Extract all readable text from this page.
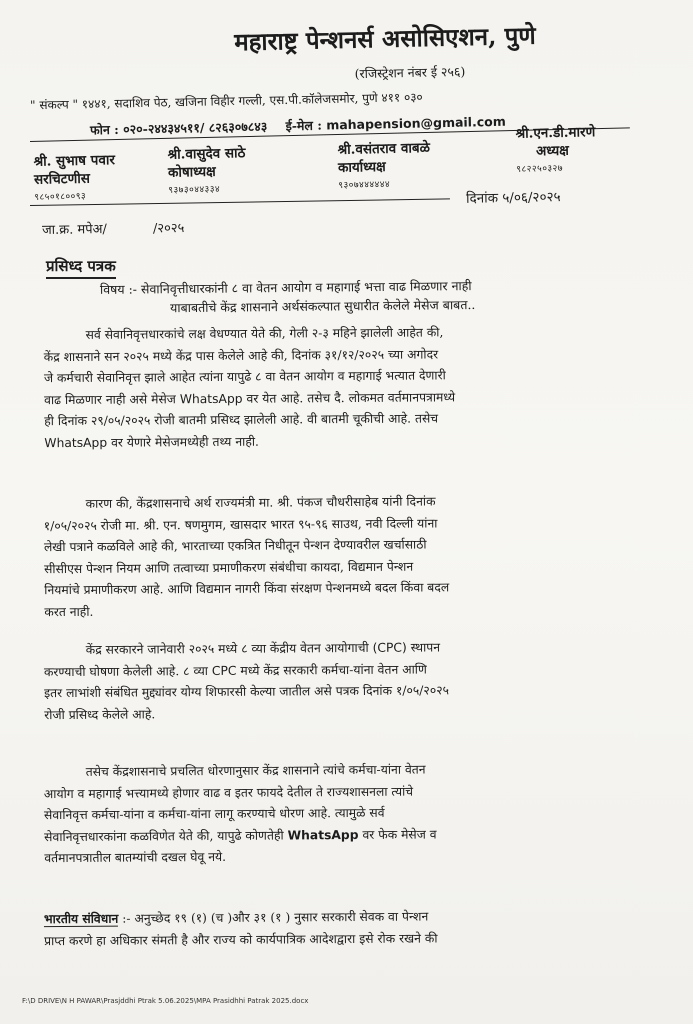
महाराष्ट्र पेन्शनर्स असोसिएशन, पुणे
(रजिस्ट्रेशन नंबर ई २५६)
" संकल्प " १४४१, सदाशिव पेठ, खजिना विहीर गल्ली, एस.पी.कॉलेजसमोर, पुणे ४११ ०३०
फोन : ०२०-२४४३४५११/ ८२६३०७८४३ ई-मेल : mahapension@gmail.com
श्री. सुभाष पवार
सरचिटणीस
९८५०१८००९३
श्री.वासुदेव साठे
कोषाध्यक्ष
९३७३०४४३३४
श्री.वसंतराव वाबळे
कार्याध्यक्ष
९३०७४४४४४४
श्री.एन.डी.मारणे
अध्यक्ष
९८२२५०३२७
दिनांक ५/०६/२०२५
जा.क्र. मपेअ/	/२०२५
प्रसिध्द पत्रक
विषय :- सेवानिवृत्तीधारकांनी ८ वा वेतन आयोग व महागाई भत्ता वाढ मिळणार नाही
याबाबतीचे केंद्र शासनाने अर्थसंकल्पात सुधारीत केलेले मेसेज बाबत..
सर्व सेवानिवृत्तधारकांचे लक्ष वेधण्यात येते की, गेली २-३ महिने झालेली आहेत की,
केंद्र शासनाने सन २०२५ मध्ये केंद्र पास केलेले आहे की, दिनांक ३१/१२/२०२५ च्या अगोदर
जे कर्मचारी सेवानिवृत्त झाले आहेत त्यांना यापुढे ८ वा वेतन आयोग व महागाई भत्यात देणारी
वाढ मिळणार नाही असे मेसेज WhatsApp वर येत आहे. तसेच दै. लोकमत वर्तमानपत्रामध्ये
ही दिनांक २९/०५/२०२५ रोजी बातमी प्रसिध्द झालेली आहे. वी बातमी चूकीची आहे. तसेच
WhatsApp वर येणारे मेसेजमध्येही तथ्य नाही.
कारण की, केंद्रशासनाचे अर्थ राज्यमंत्री मा. श्री. पंकज चौधरीसाहेब यांनी दिनांक
१/०५/२०२५ रोजी मा. श्री. एन. षणमुगम, खासदार भारत ९५-९६ साउथ, नवी दिल्ली यांना
लेखी पत्राने कळविले आहे की, भारताच्या एकत्रित निधीतून पेन्शन देण्यावरील खर्चासाठी
सीसीएस पेन्शन नियम आणि तत्वाच्या प्रमाणीकरण संबंधीचा कायदा, विद्यमान पेन्शन
नियमांचे प्रमाणीकरण आहे. आणि विद्यमान नागरी किंवा संरक्षण पेन्शनमध्ये बदल किंवा बदल
करत नाही.
केंद्र सरकारने जानेवारी २०२५ मध्ये ८ व्या केंद्रीय वेतन आयोगाची (CPC) स्थापन
करण्याची घोषणा केलेली आहे. ८ व्या CPC मध्ये केंद्र सरकारी कर्मचा-यांना वेतन आणि
इतर लाभांशी संबंधित मुद्द्यांवर योग्य शिफारसी केल्या जातील असे पत्रक दिनांक १/०५/२०२५
रोजी प्रसिध्द केलेले आहे.
तसेच केंद्रशासनाचे प्रचलित धोरणानुसार केंद्र शासनाने त्यांचे कर्मचा-यांना वेतन
आयोग व महागाई भत्त्यामध्ये होणार वाढ व इतर फायदे देतील ते राज्यशासनला त्यांचे
सेवानिवृत्त कर्मचा-यांना व कर्मचा-यांना लागू करण्याचे धोरण आहे. त्यामुळे सर्व
सेवानिवृत्तधारकांना कळविणेत येते की, यापुढे कोणतेही WhatsApp वर फेक मेसेज व
वर्तमानपत्रातील बातम्यांची दखल घेवू नये.
भारतीय संविधान :- अनुच्छेद १९ (१) (च )और ३१ (१ ) नुसार सरकारी सेवक वा पेन्शन
प्राप्त करणे हा अधिकार संमती है और राज्य को कार्यपात्रिक आदेशद्वारा इसे रोक रखने की
F:\D DRIVE\N H PAWAR\Prasjddhi Ptrak 5.06.2025\MPA Prasidhhi Patrak 2025.docx
